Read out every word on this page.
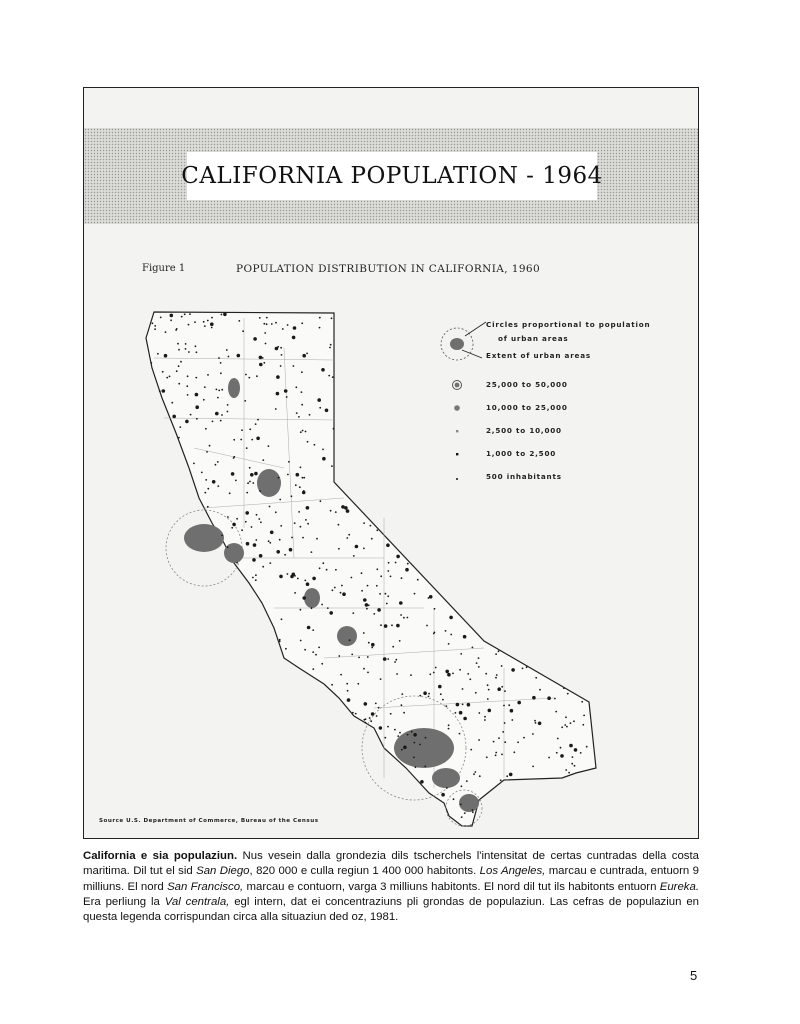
CALIFORNIA POPULATION - 1964
Figure 1	POPULATION DISTRIBUTION IN CALIFORNIA, 1960
Circles proportional to population
of urban areas
Extent of urban areas
25,000 to 50,000
10,000 to 25,000
2,500 to 10,000
1,000 to 2,500
500 inhabitants
Source U.S. Department of Commerce, Bureau of the Census
California e sia populaziun. Nus vesein dalla grondezia dils tscherchels l'intensitat de certas cuntradas della costa maritima. Dil tut el sid San Diego, 820 000 e culla regiun 1 400 000 habitonts. Los Angeles, marcau e cuntrada, entuorn 9 milliuns. El nord San Francisco, marcau e contuorn, varga 3 milliuns habitonts. El nord dil tut ils habitonts entuorn Eureka. Era perliung la Val centrala, egl intern, dat ei concentraziuns pli grondas de populaziun. Las cefras de populaziun en questa legenda corrispundan circa alla situaziun ded oz, 1981.
5
